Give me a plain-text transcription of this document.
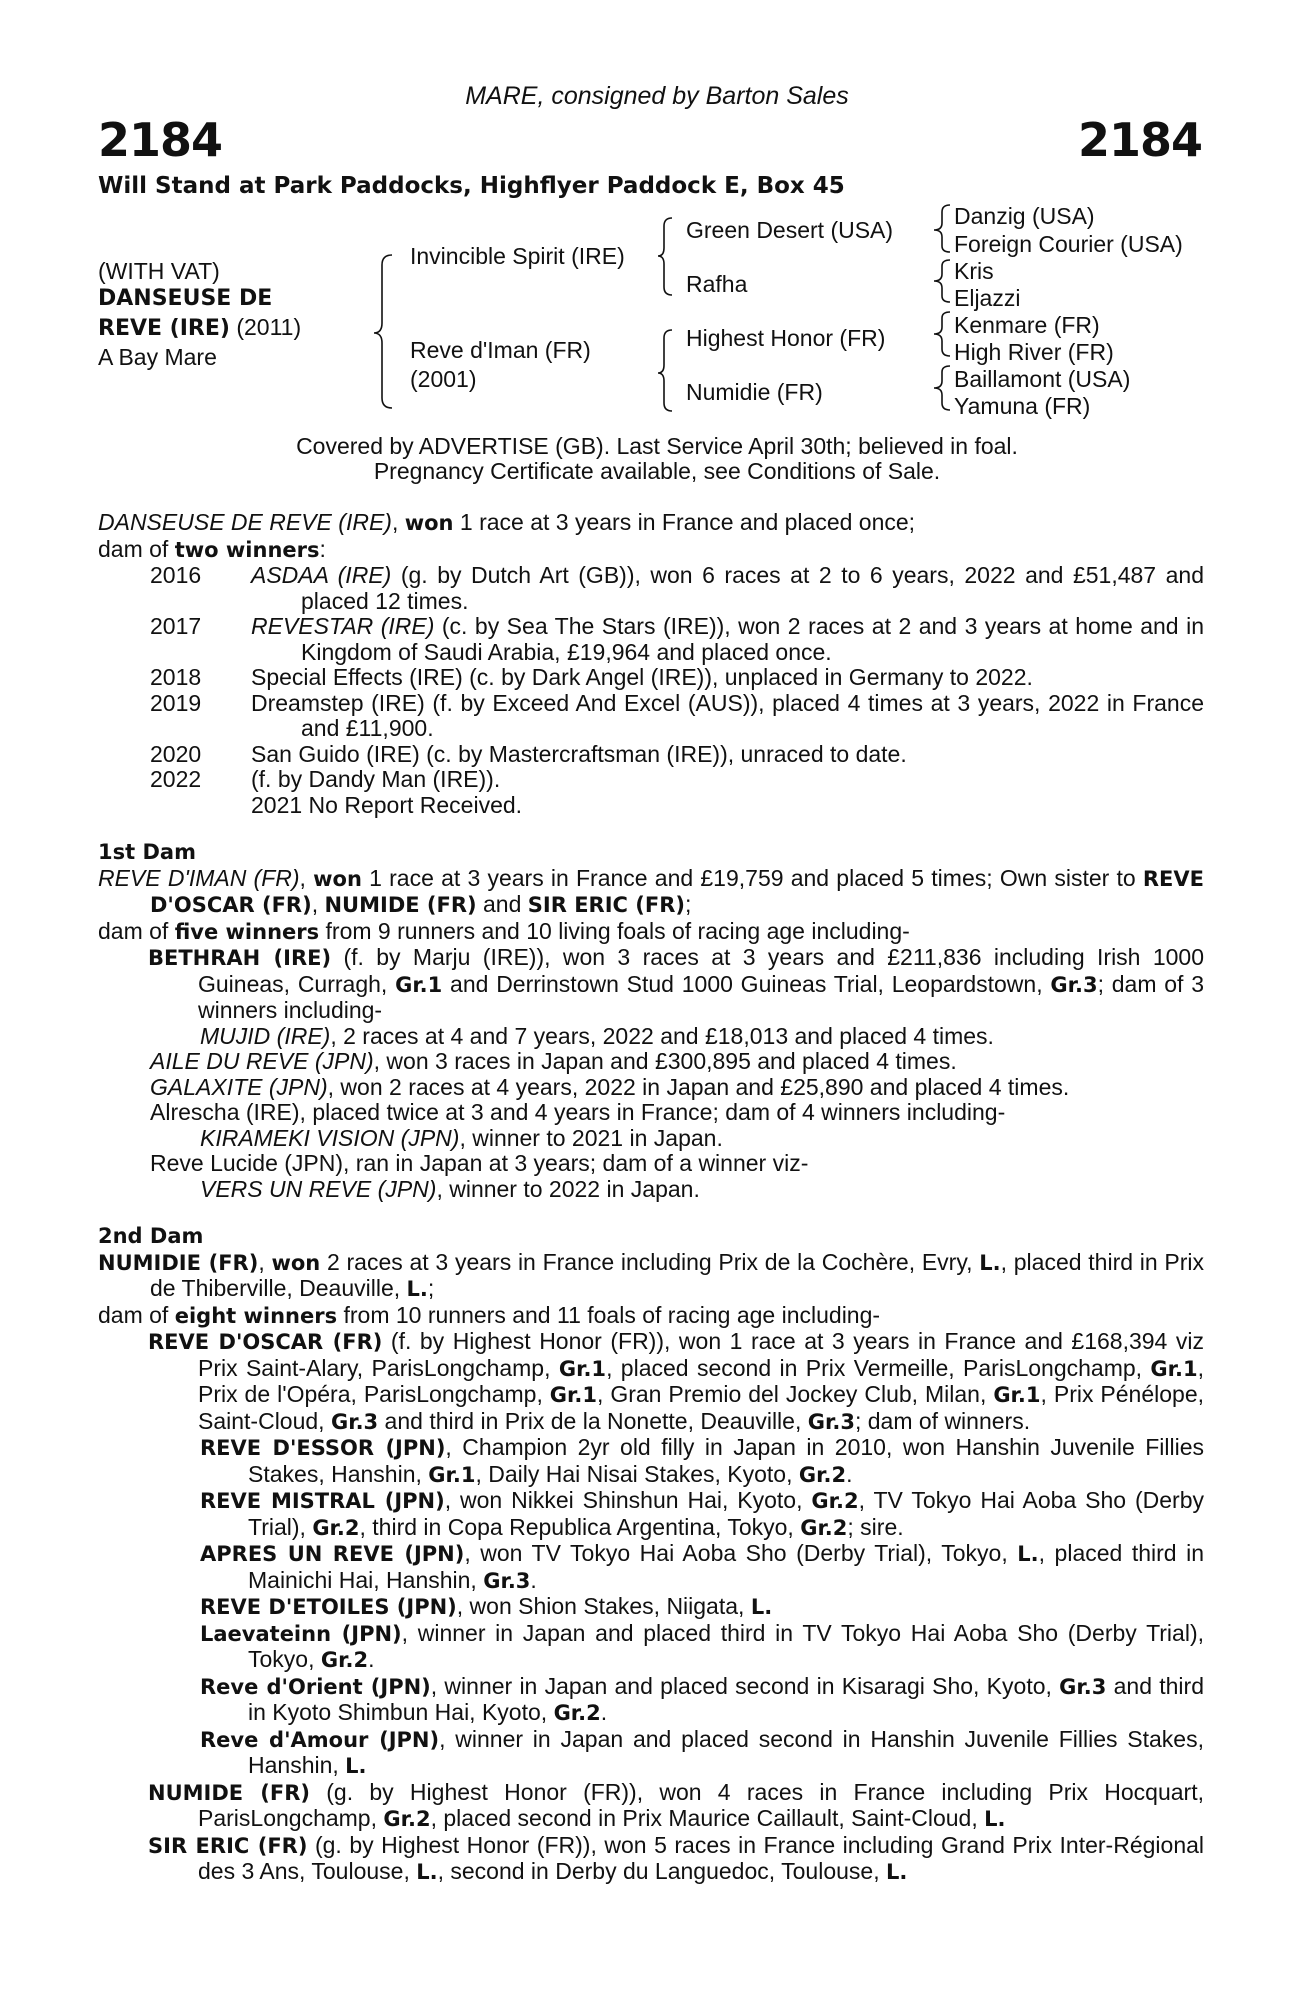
MARE, consigned by Barton Sales
2184	2184
Will Stand at Park Paddocks, Highflyer Paddock E, Box 45
(WITH VAT)
DANSEUSE DE
REVE (IRE) (2011)
A Bay Mare
Invincible Spirit (IRE)
Reve d'Iman (FR)
(2001)
Green Desert (USA)
Rafha
Highest Honor (FR)
Numidie (FR)
Danzig (USA)
Foreign Courier (USA)
Kris
Eljazzi
Kenmare (FR)
High River (FR)
Baillamont (USA)
Yamuna (FR)
Covered by ADVERTISE (GB). Last Service April 30th; believed in foal.
Pregnancy Certificate available, see Conditions of Sale.
DANSEUSE DE REVE (IRE), won 1 race at 3 years in France and placed once;
dam of two winners:
2016	ASDAA (IRE) (g. by Dutch Art (GB)), won 6 races at 2 to 6 years, 2022 and £51,487 and placed 12 times.
2017	REVESTAR (IRE) (c. by Sea The Stars (IRE)), won 2 races at 2 and 3 years at home and in Kingdom of Saudi Arabia, £19,964 and placed once.
2018	Special Effects (IRE) (c. by Dark Angel (IRE)), unplaced in Germany to 2022.
2019	Dreamstep (IRE) (f. by Exceed And Excel (AUS)), placed 4 times at 3 years, 2022 in France and £11,900.
2020	San Guido (IRE) (c. by Mastercraftsman (IRE)), unraced to date.
2022	(f. by Dandy Man (IRE)).
2021 No Report Received.
1st Dam
REVE D'IMAN (FR), won 1 race at 3 years in France and £19,759 and placed 5 times; Own sister to REVE D'OSCAR (FR), NUMIDE (FR) and SIR ERIC (FR);
dam of five winners from 9 runners and 10 living foals of racing age including-
BETHRAH (IRE) (f. by Marju (IRE)), won 3 races at 3 years and £211,836 including Irish 1000 Guineas, Curragh, Gr.1 and Derrinstown Stud 1000 Guineas Trial, Leopardstown, Gr.3; dam of 3 winners including-
MUJID (IRE), 2 races at 4 and 7 years, 2022 and £18,013 and placed 4 times.
AILE DU REVE (JPN), won 3 races in Japan and £300,895 and placed 4 times.
GALAXITE (JPN), won 2 races at 4 years, 2022 in Japan and £25,890 and placed 4 times.
Alrescha (IRE), placed twice at 3 and 4 years in France; dam of 4 winners including-
KIRAMEKI VISION (JPN), winner to 2021 in Japan.
Reve Lucide (JPN), ran in Japan at 3 years; dam of a winner viz-
VERS UN REVE (JPN), winner to 2022 in Japan.
2nd Dam
NUMIDIE (FR), won 2 races at 3 years in France including Prix de la Cochère, Evry, L., placed third in Prix de Thiberville, Deauville, L.;
dam of eight winners from 10 runners and 11 foals of racing age including-
REVE D'OSCAR (FR) (f. by Highest Honor (FR)), won 1 race at 3 years in France and £168,394 viz Prix Saint-Alary, ParisLongchamp, Gr.1, placed second in Prix Vermeille, ParisLongchamp, Gr.1, Prix de l'Opéra, ParisLongchamp, Gr.1, Gran Premio del Jockey Club, Milan, Gr.1, Prix Pénélope, Saint-Cloud, Gr.3 and third in Prix de la Nonette, Deauville, Gr.3; dam of winners.
REVE D'ESSOR (JPN), Champion 2yr old filly in Japan in 2010, won Hanshin Juvenile Fillies Stakes, Hanshin, Gr.1, Daily Hai Nisai Stakes, Kyoto, Gr.2.
REVE MISTRAL (JPN), won Nikkei Shinshun Hai, Kyoto, Gr.2, TV Tokyo Hai Aoba Sho (Derby Trial), Gr.2, third in Copa Republica Argentina, Tokyo, Gr.2; sire.
APRES UN REVE (JPN), won TV Tokyo Hai Aoba Sho (Derby Trial), Tokyo, L., placed third in Mainichi Hai, Hanshin, Gr.3.
REVE D'ETOILES (JPN), won Shion Stakes, Niigata, L.
Laevateinn (JPN), winner in Japan and placed third in TV Tokyo Hai Aoba Sho (Derby Trial), Tokyo, Gr.2.
Reve d'Orient (JPN), winner in Japan and placed second in Kisaragi Sho, Kyoto, Gr.3 and third in Kyoto Shimbun Hai, Kyoto, Gr.2.
Reve d'Amour (JPN), winner in Japan and placed second in Hanshin Juvenile Fillies Stakes, Hanshin, L.
NUMIDE (FR) (g. by Highest Honor (FR)), won 4 races in France including Prix Hocquart, ParisLongchamp, Gr.2, placed second in Prix Maurice Caillault, Saint-Cloud, L.
SIR ERIC (FR) (g. by Highest Honor (FR)), won 5 races in France including Grand Prix Inter-Régional des 3 Ans, Toulouse, L., second in Derby du Languedoc, Toulouse, L.
